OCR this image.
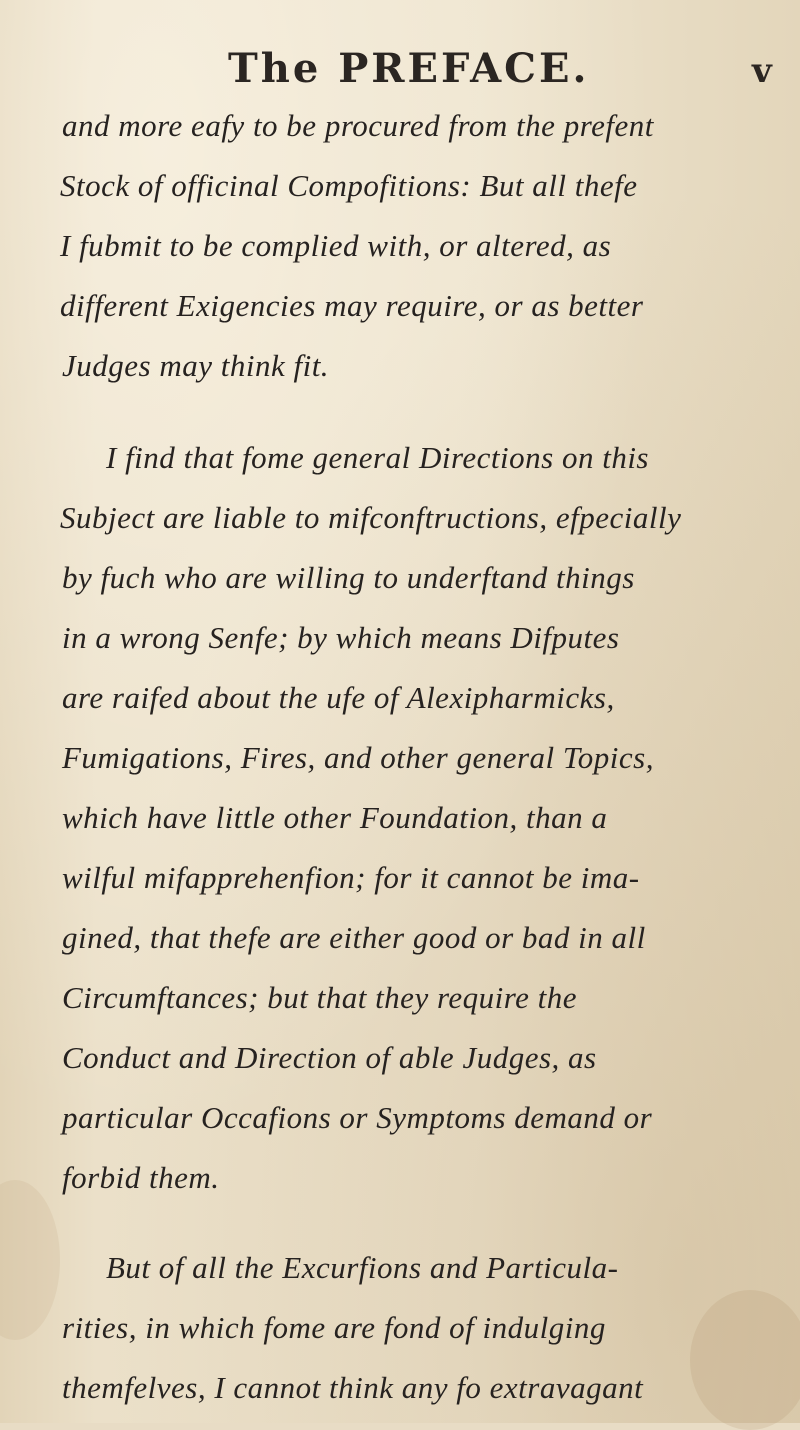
The PREFACE.	v
and more eafy to be procured from the prefent
Stock of officinal Compofitions: But all thefe
I fubmit to be complied with, or altered, as
different Exigencies may require, or as better
Judges may think fit.
I find that fome general Directions on this
Subject are liable to mifconftructions, efpecially
by fuch who are willing to underftand things
in a wrong Senfe; by which means Difputes
are raifed about the ufe of Alexipharmicks,
Fumigations, Fires, and other general Topics,
which have little other Foundation, than a
wilful mifapprehenfion; for it cannot be ima-
gined, that thefe are either good or bad in all
Circumftances; but that they require the
Conduct and Direction of able Judges, as
particular Occafions or Symptoms demand or
forbid them.
But of all the Excurfions and Particula-
rities, in which fome are fond of indulging
themfelves, I cannot think any fo extravagant
